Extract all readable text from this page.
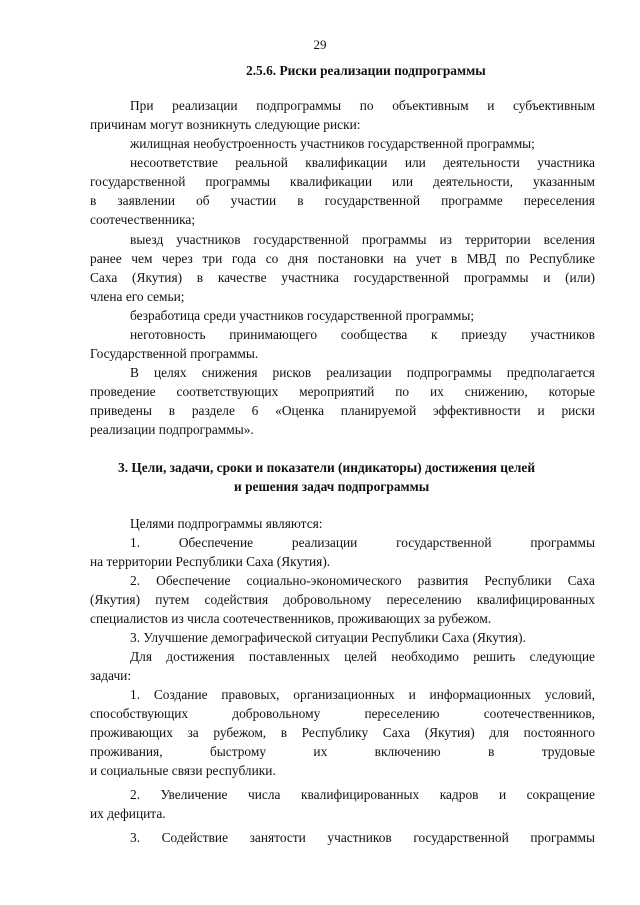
29
2.5.6. Риски реализации подпрограммы
При реализации подпрограммы по объективным и субъективным
причинам могут возникнуть следующие риски:
жилищная необустроенность участников государственной программы;
несоответствие реальной квалификации или деятельности участника
государственной программы квалификации или деятельности, указанным
в заявлении об участии в государственной программе переселения
соотечественника;
выезд участников государственной программы из территории вселения
ранее чем через три года со дня постановки на учет в МВД по Республике
Саха (Якутия) в качестве участника государственной программы и (или)
члена его семьи;
безработица среди участников государственной программы;
неготовность принимающего сообщества к приезду участников
Государственной программы.
В целях снижения рисков реализации подпрограммы предполагается
проведение соответствующих мероприятий по их снижению, которые
приведены в разделе 6 «Оценка планируемой эффективности и риски
реализации подпрограммы».
3. Цели, задачи, сроки и показатели (индикаторы) достижения целей
и решения задач подпрограммы
Целями подпрограммы являются:
1.	Обеспечение	реализации	государственной	программы
на территории Республики Саха (Якутия).
2. Обеспечение социально-экономического развития Республики Саха
(Якутия) путем содействия добровольному переселению квалифицированных
специалистов из числа соотечественников, проживающих за рубежом.
3. Улучшение демографической ситуации Республики Саха (Якутия).
Для достижения поставленных целей необходимо решить следующие
задачи:
1. Создание правовых, организационных и информационных условий,
способствующих	добровольному	переселению	соотечественников,
проживающих за рубежом, в Республику Саха (Якутия) для постоянного
проживания,	быстрому	их	включению	в	трудовые
и социальные связи республики.
2. Увеличение числа квалифицированных кадров и сокращение
их дефицита.
3. Содействие занятости участников государственной программы
